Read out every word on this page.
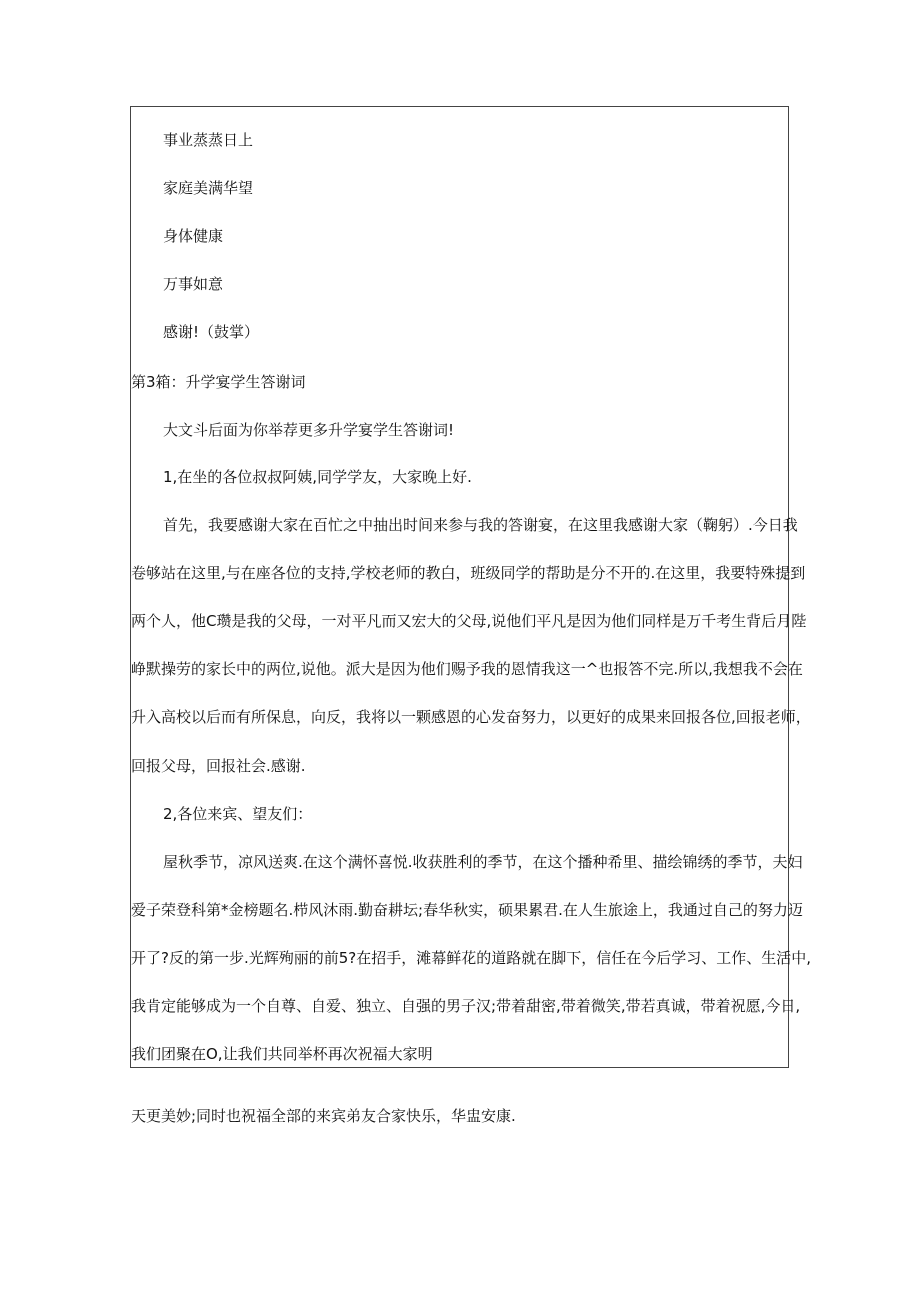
事业蒸蒸日上
家庭美满华望
身体健康
万事如意
感谢!（鼓掌）
第3箱：升学宴学生答谢词
大文斗后面为你举荐更多升学宴学生答谢词!
1,在坐的各位叔叔阿姨,同学学友，大家晚上好.
首先，我要感谢大家在百忙之中抽出时间来参与我的答谢宴，在这里我感谢大家（鞠躬）.今日我
卷够站在这里,与在座各位的支持,学校老师的教白，班级同学的帮助是分不开的.在这里，我要特殊提到
两个人，他C瓒是我的父母，一对平凡而又宏大的父母,说他们平凡是因为他们同样是万千考生背后月陛
峥默操劳的家长中的两位,说他。派大是因为他们赐予我的恩情我这一^也报答不完.所以,我想我不会在
升入高校以后而有所保息，向反，我将以一颗感恩的心发奋努力，以更好的成果来回报各位,回报老师，
回报父母，回报社会.感谢.
2,各位来宾、望友们：
屋秋季节，凉风送爽.在这个满怀喜悦.收获胜利的季节，在这个播种希里、描绘锦绣的季节，夫妇
爱子荣登科第*金榜题名.栉风沐雨.勤奋耕坛;春华秋实，硕果累君.在人生旅途上，我通过自己的努力迈
开了?反的第一步.光辉殉丽的前5?在招手，滩幕鲜花的道路就在脚下，信任在今后学习、工作、生活中,
我肯定能够成为一个自尊、自爱、独立、自强的男子汉;带着甜密,带着微笑,带若真诚，带着祝愿,今日,
我们团聚在O,让我们共同举杯再次祝福大家明
天更美妙;同时也祝福全部的来宾弟友合家快乐，华盅安康.
